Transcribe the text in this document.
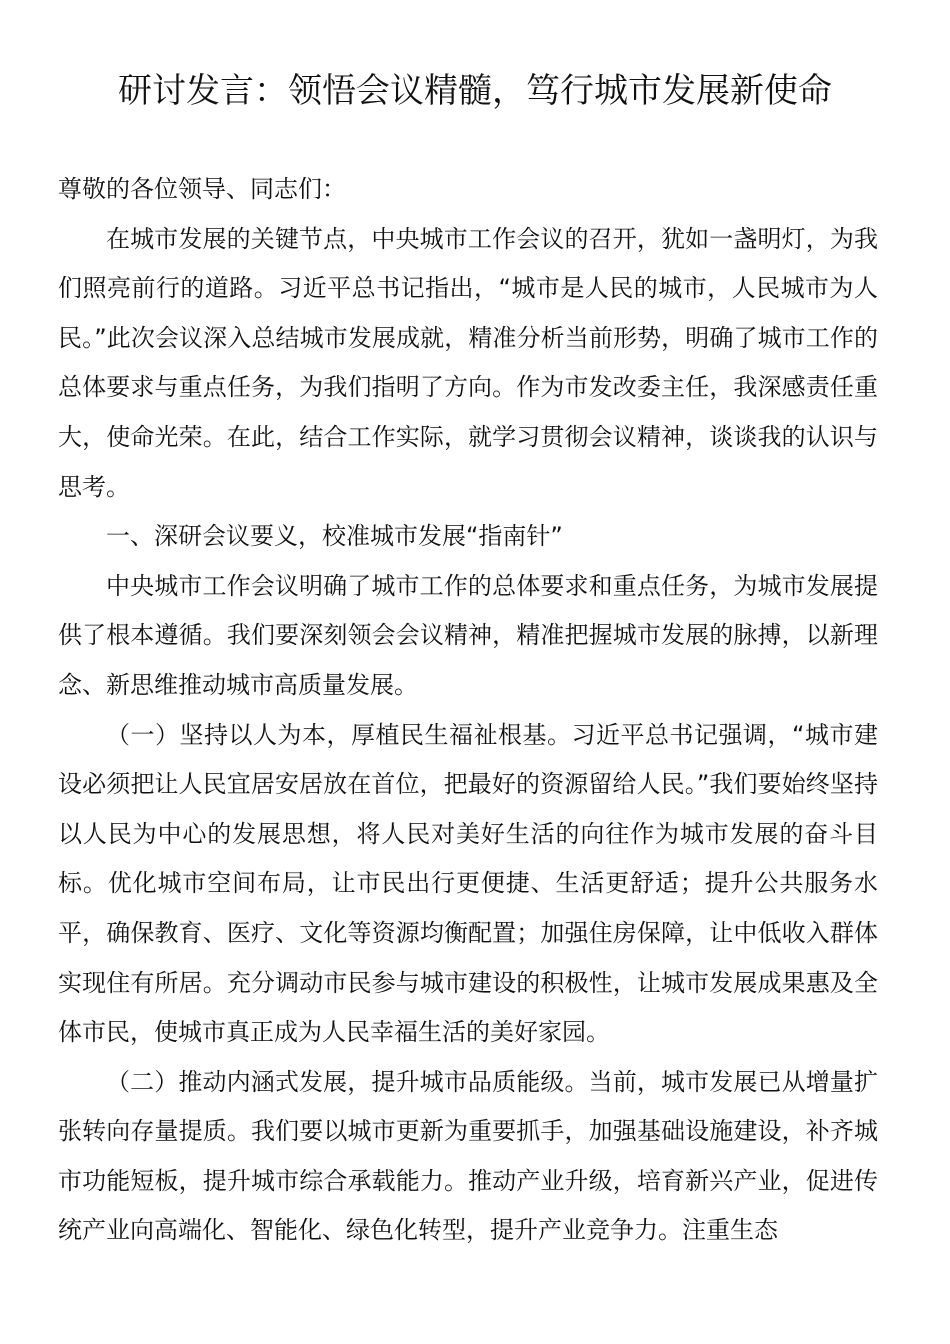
研讨发言：领悟会议精髓，笃行城市发展新使命

尊敬的各位领导、同志们：

在城市发展的关键节点，中央城市工作会议的召开，犹如一盏明灯，为我们照亮前行的道路。习近平总书记指出，“城市是人民的城市，人民城市为人民。”此次会议深入总结城市发展成就，精准分析当前形势，明确了城市工作的总体要求与重点任务，为我们指明了方向。作为市发改委主任，我深感责任重大，使命光荣。在此，结合工作实际，就学习贯彻会议精神，谈谈我的认识与思考。

一、深研会议要义，校准城市发展“指南针”

中央城市工作会议明确了城市工作的总体要求和重点任务，为城市发展提供了根本遵循。我们要深刻领会会议精神，精准把握城市发展的脉搏，以新理念、新思维推动城市高质量发展。

（一）坚持以人为本，厚植民生福祉根基。习近平总书记强调，“城市建设必须把让人民宜居安居放在首位，把最好的资源留给人民。”我们要始终坚持以人民为中心的发展思想，将人民对美好生活的向往作为城市发展的奋斗目标。优化城市空间布局，让市民出行更便捷、生活更舒适；提升公共服务水平，确保教育、医疗、文化等资源均衡配置；加强住房保障，让中低收入群体实现住有所居。充分调动市民参与城市建设的积极性，让城市发展成果惠及全体市民，使城市真正成为人民幸福生活的美好家园。

（二）推动内涵式发展，提升城市品质能级。当前，城市发展已从增量扩张转向存量提质。我们要以城市更新为重要抓手，加强基础设施建设，补齐城市功能短板，提升城市综合承载能力。推动产业升级，培育新兴产业，促进传统产业向高端化、智能化、绿色化转型，提升产业竞争力。注重生态
